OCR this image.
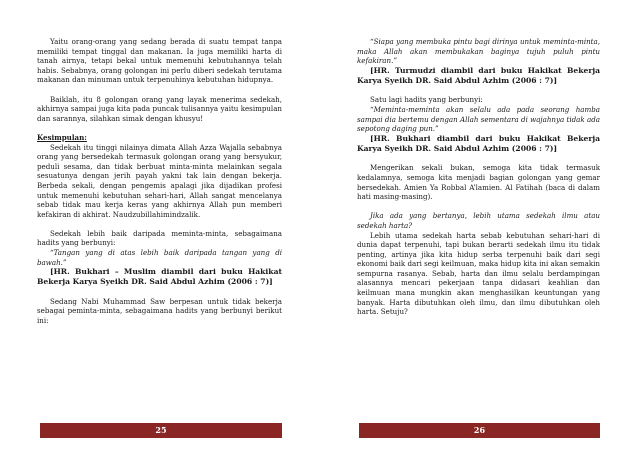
Yaitu orang-orang yang sedang berada di suatu tempat tanpa memiliki tempat tinggal dan makanan. Ia juga memiliki harta di tanah airnya, tetapi bekal untuk memenuhi kebutuhannya telah habis. Sebabnya, orang golongan ini perlu diberi sedekah terutama makanan dan minuman untuk terpenuhinya kebutuhan hidupnya.

Baiklah, itu 8 golongan orang yang layak menerima sedekah, akhirnya sampai juga kita pada puncak tulisannya yaitu kesimpulan dan sarannya, silahkan simak dengan khusyu!

Kesimpulan:

Sedekah itu tinggi nilainya dimata Allah Azza Wajalla sebabnya orang yang bersedekah termasuk golongan orang yang bersyukur, peduli sesama, dan tidak berbuat minta-minta melainkan segala sesuatunya dengan jerih payah yakni tak lain dengan bekerja. Berbeda sekali, dengan pengemis apalagi jika dijadikan profesi untuk memenuhi kebutuhan sehari-hari, Allah sangat mencelanya sebab tidak mau kerja keras yang akhirnya Allah pun memberi kefakiran di akhirat. Naudzubillahimindzalik.

Sedekah lebih baik daripada meminta-minta, sebagaimana hadits yang berbunyi:

“Tangan yang di atas lebih baik daripada tangan yang di bawah.”

[HR. Bukhari – Muslim diambil dari buku Hakikat Bekerja Karya Syeikh DR. Said Abdul Azhim (2006 : 7)]

Sedang Nabi Muhammad Saw berpesan untuk tidak bekerja sebagai peminta-minta, sebagaimana hadits yang berbunyi berikut ini:

25

“Siapa yang membuka pintu bagi dirinya untuk meminta-minta, maka Allah akan membukakan baginya tujuh puluh pintu kefakiran.”

[HR. Turmudzi diambil dari buku Hakikat Bekerja Karya Syeikh DR. Said Abdul Azhim (2006 : 7)]

Satu lagi hadits yang berbunyi:

“Meminta-meminta akan selalu ada pada seorang hamba sampai dia bertemu dengan Allah sementara di wajahnya tidak ada sepotong daging pun.”

[HR. Bukhari diambil dari buku Hakikat Bekerja Karya Syeikh DR. Said Abdul Azhim (2006 : 7)]

Mengerikan sekali bukan, semoga kita tidak termasuk kedalamnya, semoga kita menjadi bagian golongan yang gemar bersedekah. Amien Ya Robbal A’lamien. Al Fatihah (baca di dalam hati masing-masing).

Jika ada yang bertanya, lebih utama sedekah ilmu atau sedekah harta?

Lebih utama sedekah harta sebab kebutuhan sehari-hari di dunia dapat terpenuhi, tapi bukan berarti sedekah ilmu itu tidak penting, artinya jika kita hidup serba terpenuhi baik dari segi ekonomi baik dari segi keilmuan, maka hidup kita ini akan semakin sempurna rasanya. Sebab, harta dan ilmu selalu berdampingan alasannya mencari pekerjaan tanpa didasari keahlian dan keilmuan mana mungkin akan menghasilkan keuntungan yang banyak. Harta dibutuhkan oleh ilmu, dan ilmu dibutuhkan oleh harta. Setuju?

26
